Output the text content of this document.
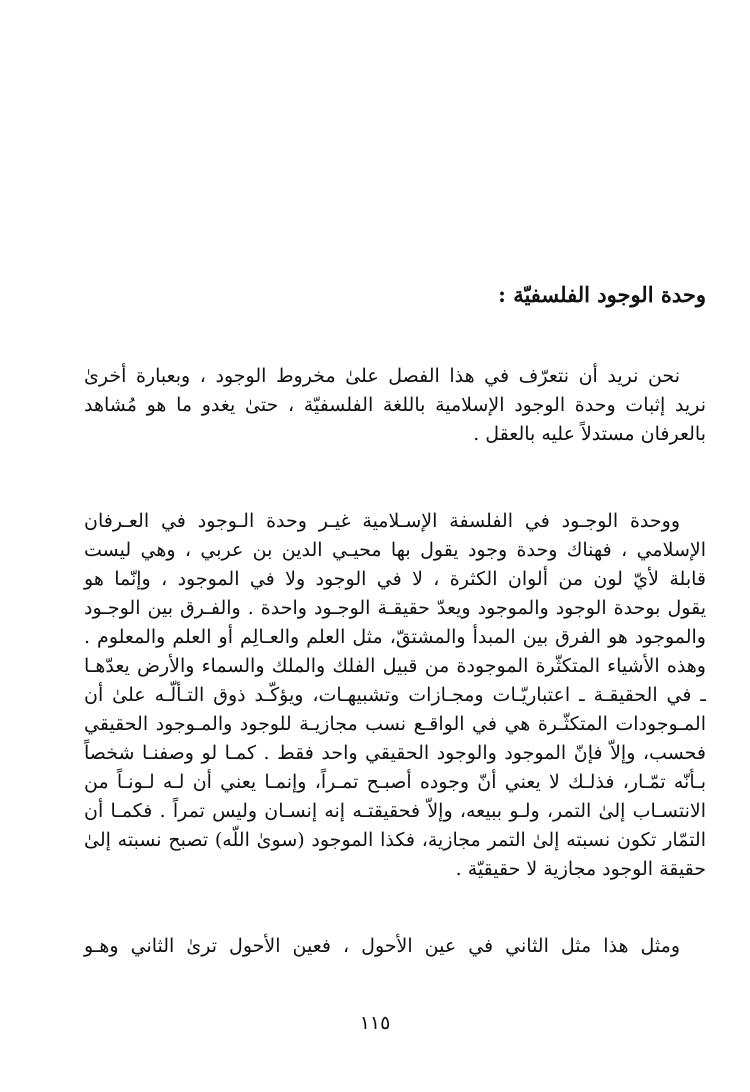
وحدة الوجود الفلسفيّة :
نحن نريد أن نتعرّف في هذا الفصل علىٰ مخروط الوجود ، وبعبارة أخرىٰ
نريد إثبات وحدة الوجود الإسلامية باللغة الفلسفيّة ، حتىٰ يغدو ما هو مُشاهد
بالعرفان مستدلاً عليه بالعقل .
ووحدة الوجـود في الفلسفة الإسـلامية غيـر وحدة الـوجود في العـرفان
الإسلامي ، فهناك وحدة وجود يقول بها محيـي الدين بن عربي ، وهي ليست
قابلة لأيّ لون من ألوان الكثرة ، لا في الوجود ولا في الموجود ، وإنّما هو
يقول بوحدة الوجود والموجود ويعدّ حقيقـة الوجـود واحدة . والفـرق بين الوجـود
والموجود هو الفرق بين المبدأ والمشتقّ، مثل العلم والعـالِم أو العلم والمعلوم .
وهذه الأشياء المتكثّرة الموجودة من قبيل الفلك والملك والسماء والأرض يعدّهـا
ـ في الحقيقـة ـ اعتباريّـات ومجـازات وتشبيهـات، ويؤكّـد ذوق التـألّـه علىٰ أن
المـوجودات المتكثّـرة هي في الواقـع نسب مجازيـة للوجود والمـوجود الحقيقي
فحسب، وإلاّ فإنّ الموجود والوجود الحقيقي واحد فقط . كمـا لو وصفنـا شخصاً
بـأنّه تمّـار، فذلـك لا يعني أنّ وجوده أصبـح تمـراً، وإنمـا يعني أن لـه لـونـاً من
الانتسـاب إلىٰ التمر، ولـو ببيعه، وإلاّ فحقيقتـه إنه إنسـان وليس تمراً . فكمـا أن
التمّار تكون نسبته إلىٰ التمر مجازية، فكذا الموجود (سوىٰ اللّه) تصبح نسبته إلىٰ
حقيقة الوجود مجازية لا حقيقيّة .
ومثل هذا مثل الثاني في عين الأحول ، فعين الأحول ترىٰ الثاني وهـو
١١٥
